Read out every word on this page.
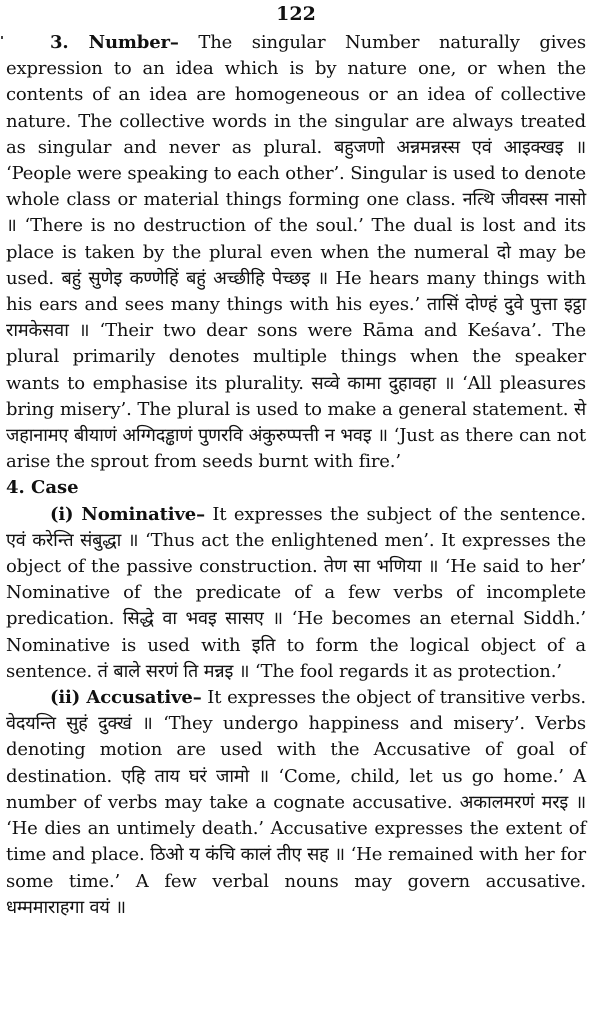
122

3. Number– The singular Number naturally gives expression to an idea which is by nature one, or when the contents of an idea are homogeneous or an idea of collective nature. The collective words in the singular are always treated as singular and never as plural. बहुजणो अन्नमन्नस्स एवं आइक्खइ ॥ ‘People were speaking to each other’. Singular is used to denote whole class or material things forming one class. नत्थि जीवस्स नासो ॥ ‘There is no destruction of the soul.’ The dual is lost and its place is taken by the plural even when the numeral दो may be used. बहुं सुणेइ कण्णेहिं बहुं अच्छीहि पेच्छइ ॥ He hears many things with his ears and sees many things with his eyes.’ तासिं दोण्हं दुवे पुत्ता इट्ठा रामकेसवा ॥ ‘Their two dear sons were Rāma and Keśava’. The plural primarily denotes multiple things when the speaker wants to emphasise its plurality. सव्वे कामा दुहावहा ॥ ‘All pleasures bring misery’. The plural is used to make a general statement. से जहानामए बीयाणं अग्गिदड्ढाणं पुणरवि अंकुरुप्पत्ती न भवइ ॥ ‘Just as there can not arise the sprout from seeds burnt with fire.’

4. Case

(i) Nominative– It expresses the subject of the sentence. एवं करेन्ति संबुद्धा ॥ ‘Thus act the enlightened men’. It expresses the object of the passive construction. तेण सा भणिया ॥ ‘He said to her’ Nominative of the predicate of a few verbs of incomplete predication. सिद्धे वा भवइ सासए ॥ ‘He becomes an eternal Siddh.’ Nominative is used with इति to form the logical object of a sentence. तं बाले सरणं ति मन्नइ ॥ ‘The fool regards it as protection.’

(ii) Accusative– It expresses the object of transitive verbs. वेदयन्ति सुहं दुक्खं ॥ ‘They undergo happiness and misery’. Verbs denoting motion are used with the Accusative of goal of destination. एहि ताय घरं जामो ॥ ‘Come, child, let us go home.’ A number of verbs may take a cognate accusative. अकालमरणं मरइ ॥ ‘He dies an untimely death.’ Accusative expresses the extent of time and place. ठिओ य कंचि कालं तीए सह ॥ ‘He remained with her for some time.’ A few verbal nouns may govern accusative. धम्ममाराहगा वयं ॥
